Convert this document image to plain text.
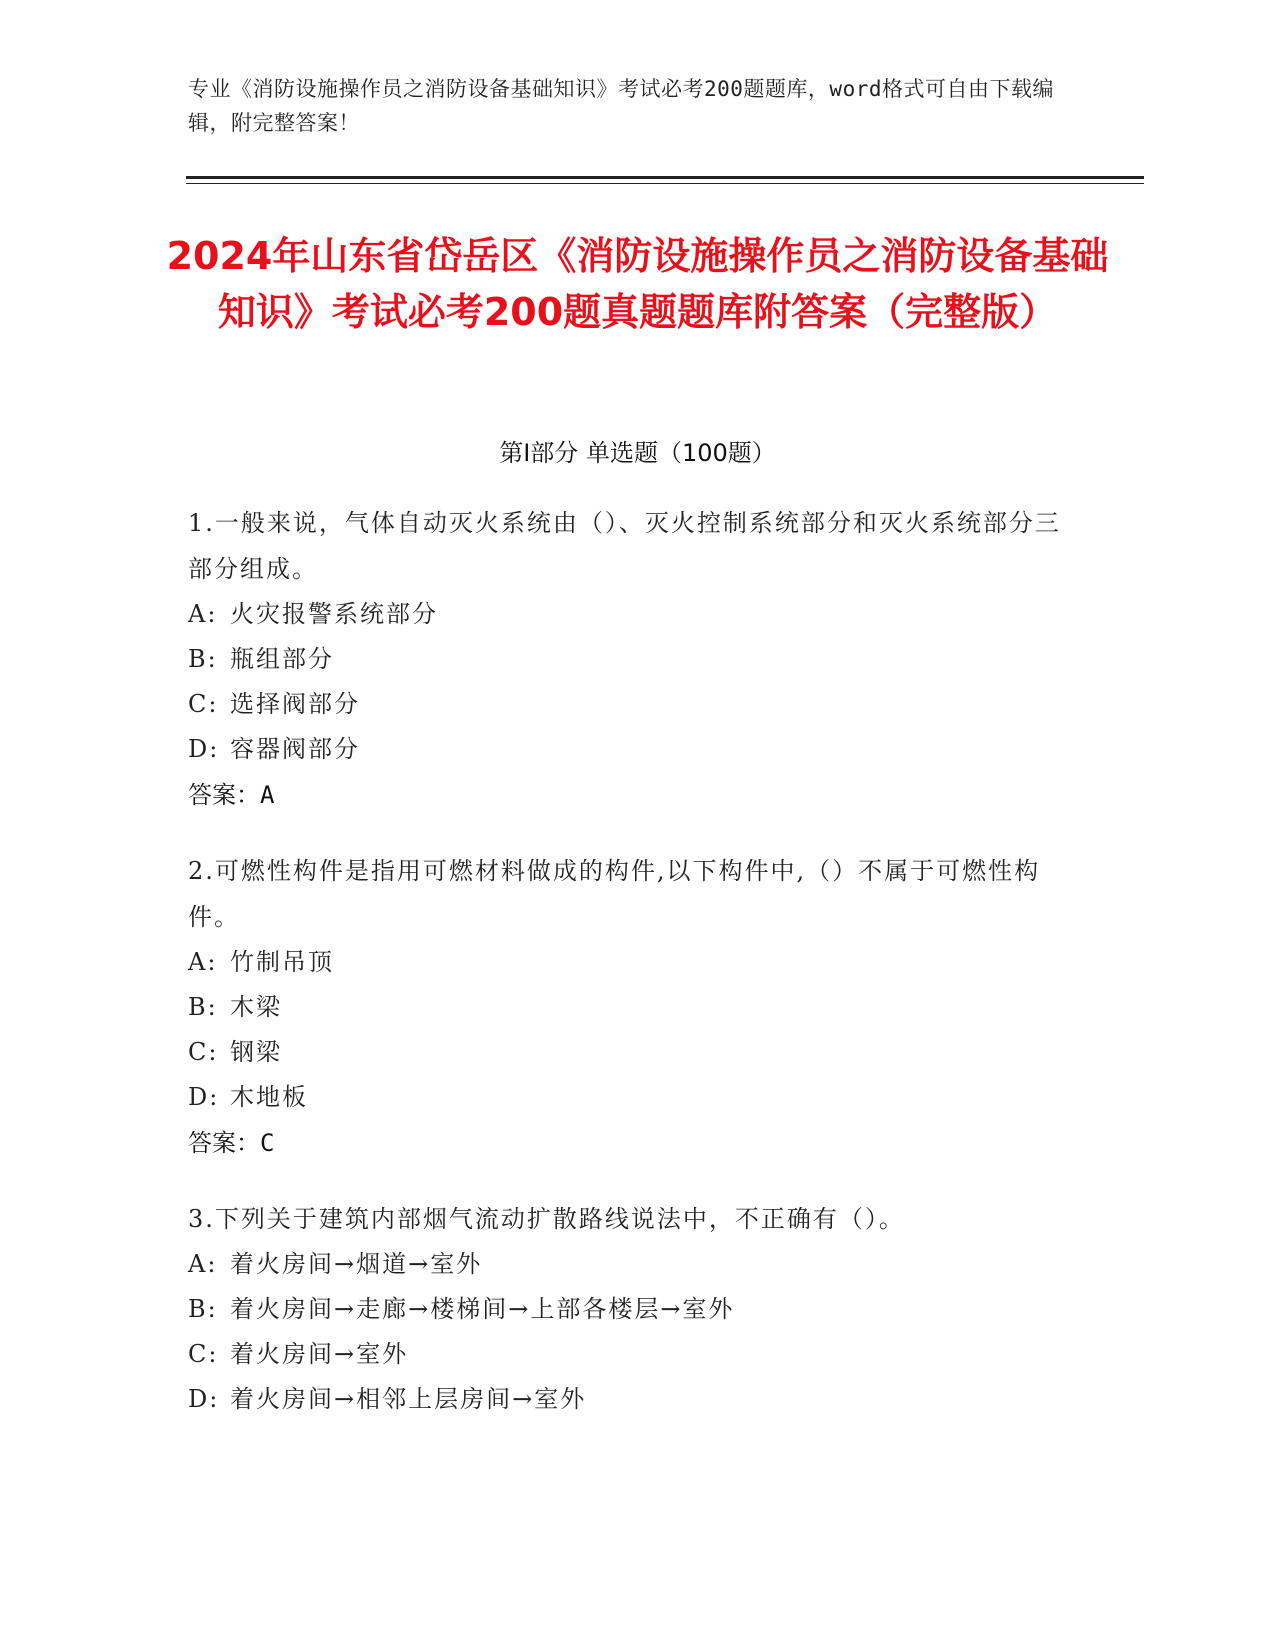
专业《消防设施操作员之消防设备基础知识》考试必考200题题库，word格式可自由下载编辑，附完整答案！
2024年山东省岱岳区《消防设施操作员之消防设备基础知识》考试必考200题真题题库附答案（完整版）
第I部分 单选题（100题）
1.一般来说，气体自动灭火系统由（）、灭火控制系统部分和灭火系统部分三部分组成。
A: 火灾报警系统部分
B: 瓶组部分
C: 选择阀部分
D: 容器阀部分
答案：A
2.可燃性构件是指用可燃材料做成的构件,以下构件中,（）不属于可燃性构件。
A: 竹制吊顶
B: 木梁
C: 钢梁
D: 木地板
答案：C
3.下列关于建筑内部烟气流动扩散路线说法中，不正确有（）。
A: 着火房间→烟道→室外
B: 着火房间→走廊→楼梯间→上部各楼层→室外
C: 着火房间→室外
D: 着火房间→相邻上层房间→室外
